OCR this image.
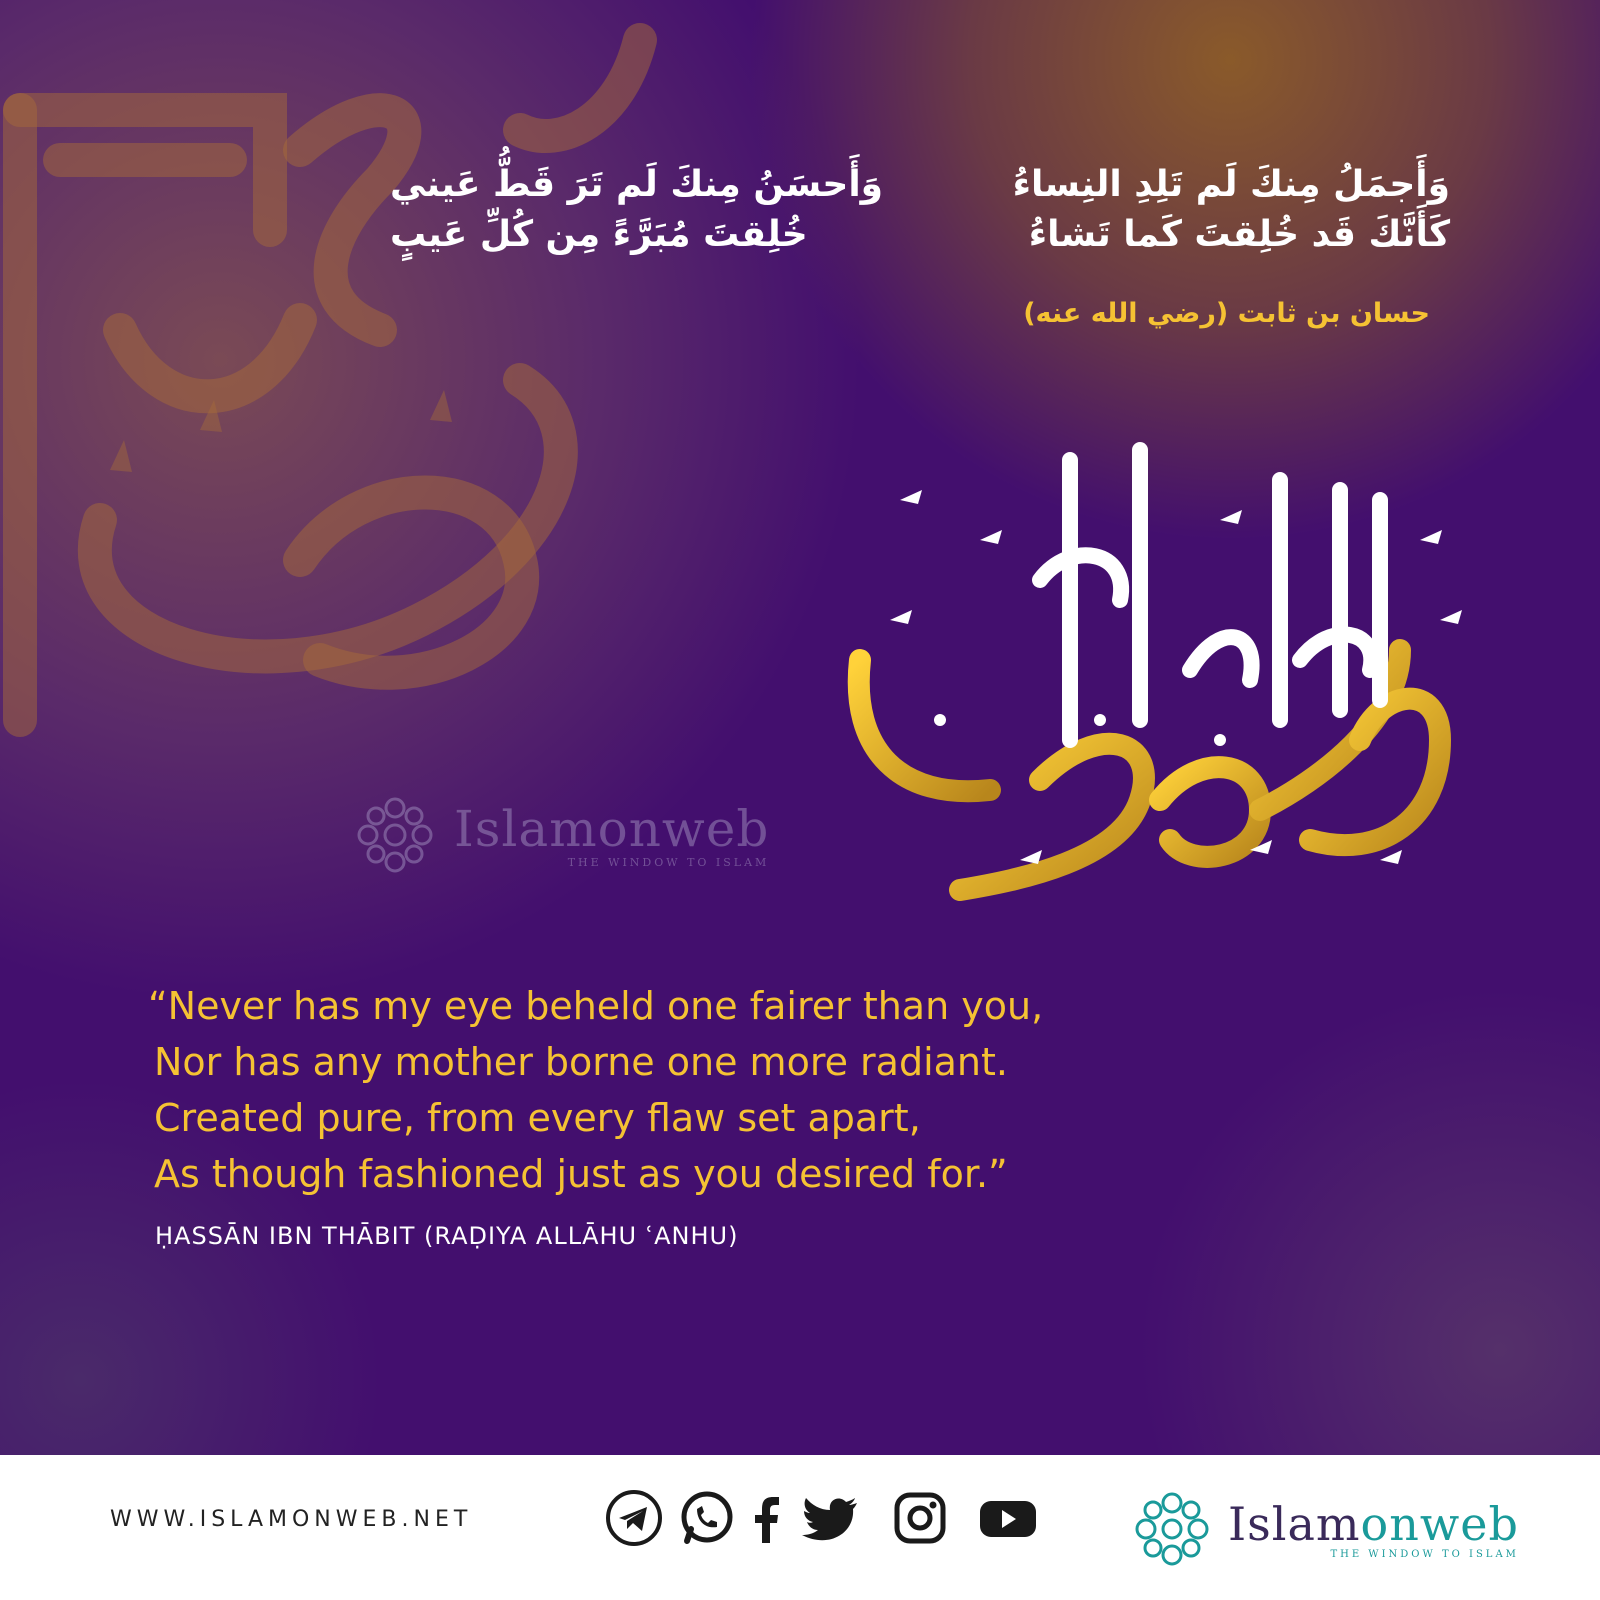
وَأَجمَلُ مِنكَ لَم تَلِدِ النِساءُ
وَأَحسَنُ مِنكَ لَم تَرَ قَطُّ عَيني
كَأَنَّكَ قَد خُلِقتَ كَما تَشاءُ
خُلِقتَ مُبَرَّءً مِن كُلِّ عَيبٍ
حسان بن ثابت (رضي الله عنه)
Islamonweb
THE WINDOW TO ISLAM
“Never has my eye beheld one fairer than you,
Nor has any mother borne one more radiant.
Created pure, from every flaw set apart,
As though fashioned just as you desired for.”
ḤASSĀN IBN THĀBIT (RAḌIYA ALLĀHU ʿANHU)
WWW.ISLAMONWEB.NET	Islamonweb
THE WINDOW TO ISLAM
